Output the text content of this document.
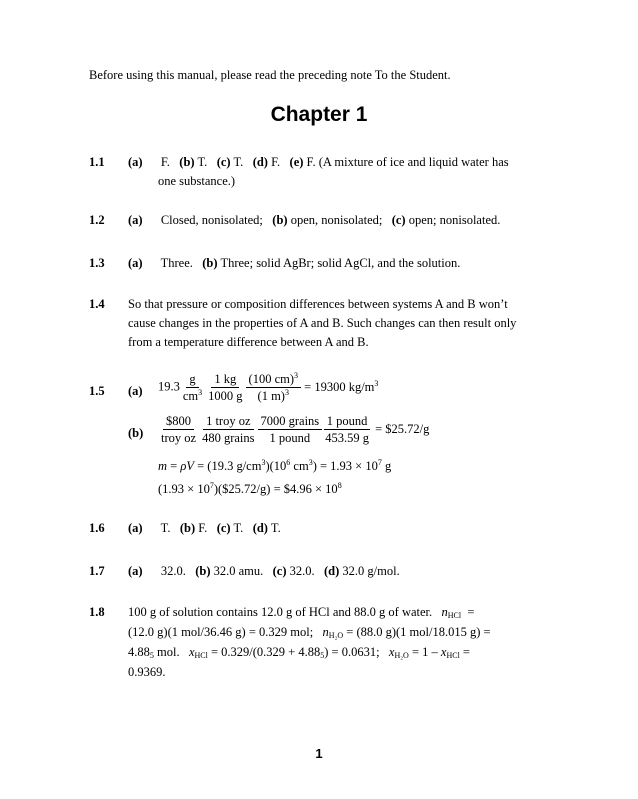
Before using this manual, please read the preceding note To the Student.
Chapter 1
1.1 (a) F. (b) T. (c) T. (d) F. (e) F. (A mixture of ice and liquid water has
one substance.)
1.2 (a) Closed, nonisolated; (b) open, nonisolated; (c) open; nonisolated.
1.3 (a) Three. (b) Three; solid AgBr; solid AgCl, and the solution.
1.4 So that pressure or composition differences between systems A and B won’t
cause changes in the properties of A and B. Such changes can then result only
from a temperature difference between A and B.
1.5 (a) $19.3 \frac{g}{cm^3} \frac{1 kg}{1000 g} \frac{(100 cm)^3}{(1 m)^3} = 19300$ $kg/m^3$
$(b) \frac{\$800}{\text{troy oz}} \frac{\text{1 troy oz}}{\text{480 grains}} \frac{\text{7000 grains}}{\text{1 pound}} \frac{\text{1 pound}}{453.59 g}$ = $25.72/g
m = ρV = (19.3 $g/cm^3)(10^6$ $cm^3) = 1.93 \times 10^7$ g
$(1.93 \times 10^7)(\$25.72/g)$ = $4.96 × $10^8$
1.6 (a) T. (b) F. (c) T. (d) T.
1.7 (a) 32.0. (b) 32.0 amu. (c) 32.0. (d) 32.0 g/mol.
1.8 100 g of solution contains 12.0 g of HCl and 88.0 g of water. $n_{HCl}$ =
(12.0 g)(1 mol/36.46 g) = 0.329 mol; $n_{H_2O} = (88.0$ g)(1 mol/18.015 g) =
$4.88_5$ mol. $x_{HCl} = 0.329/(0.329 + 4.88_5) = 0.0631$; $x_{H_2O} = 1 - x_{HCl}$ =
0.9369.
1
